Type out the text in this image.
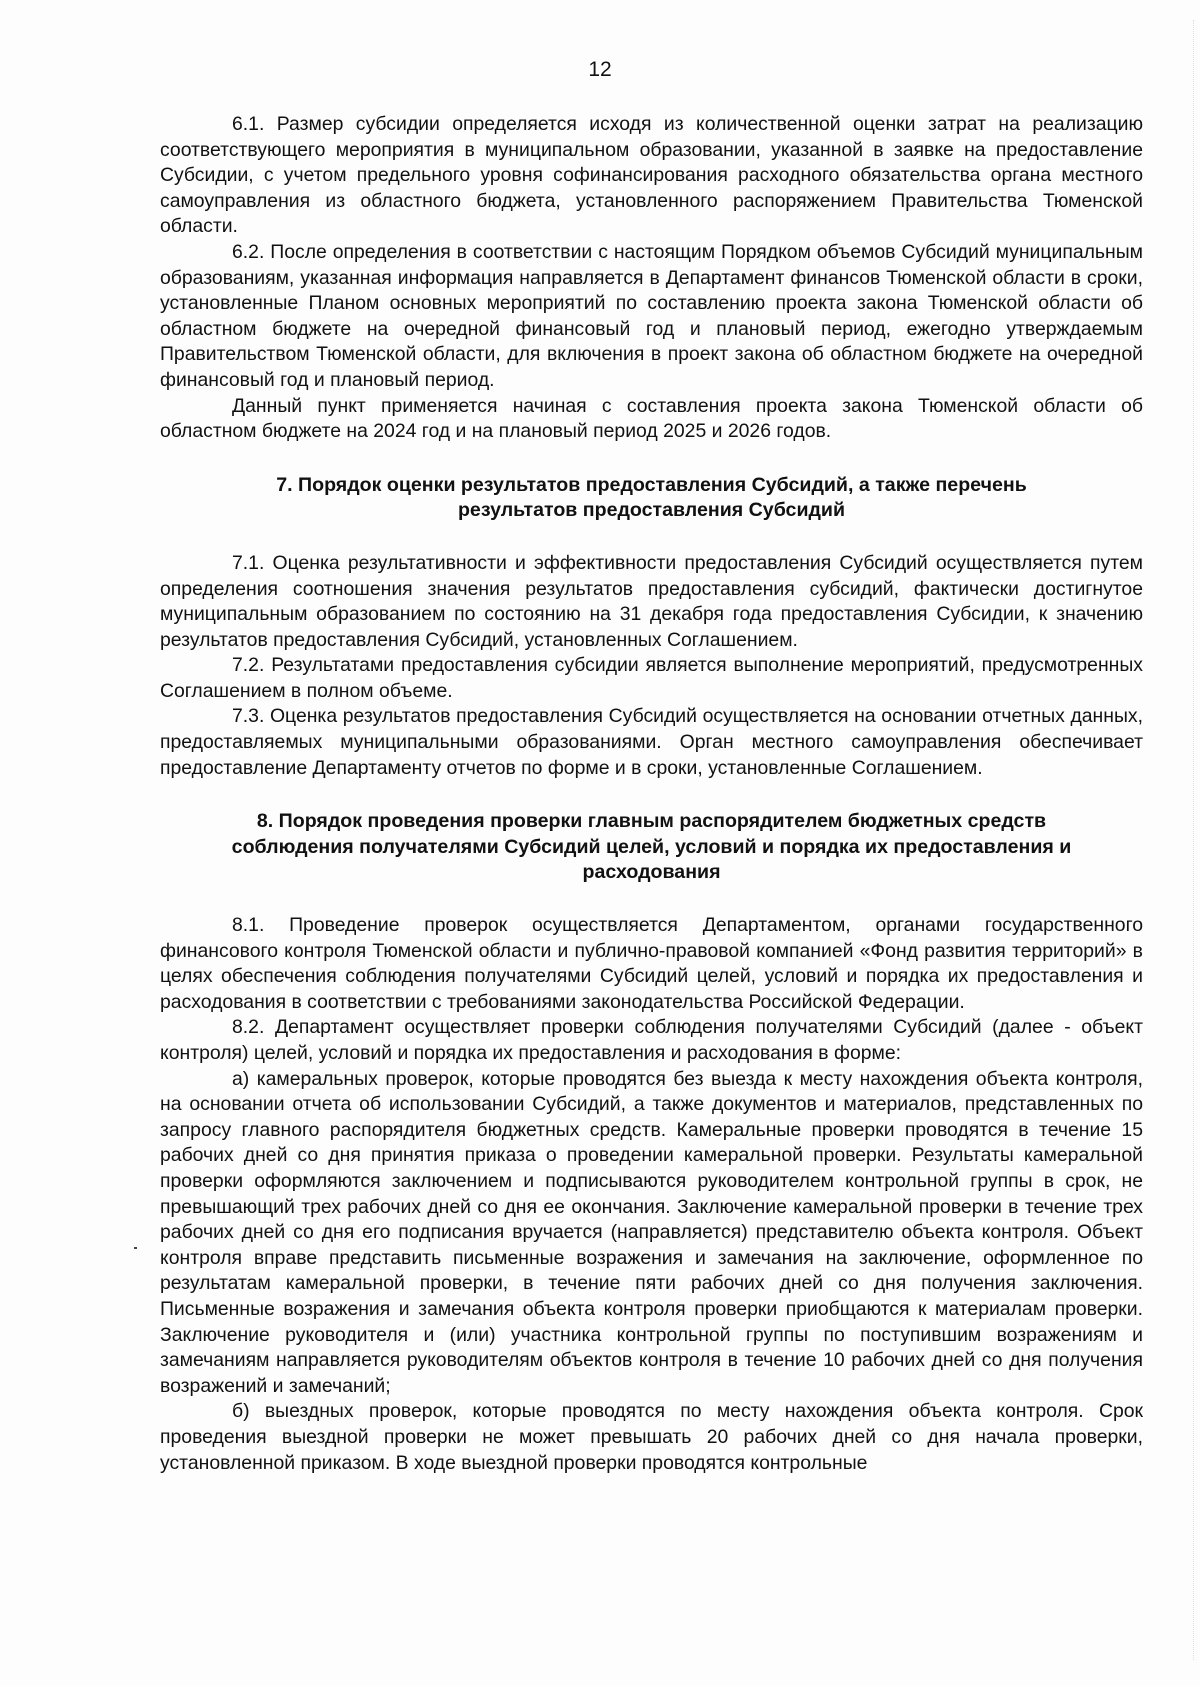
12

6.1. Размер субсидии определяется исходя из количественной оценки затрат на реализацию соответствующего мероприятия в муниципальном образовании, указанной в заявке на предоставление Субсидии, с учетом предельного уровня софинансирования расходного обязательства органа местного самоуправления из областного бюджета, установленного распоряжением Правительства Тюменской области.

6.2. После определения в соответствии с настоящим Порядком объемов Субсидий муниципальным образованиям, указанная информация направляется в Департамент финансов Тюменской области в сроки, установленные Планом основных мероприятий по составлению проекта закона Тюменской области об областном бюджете на очередной финансовый год и плановый период, ежегодно утверждаемым Правительством Тюменской области, для включения в проект закона об областном бюджете на очередной финансовый год и плановый период.

Данный пункт применяется начиная с составления проекта закона Тюменской области об областном бюджете на 2024 год и на плановый период 2025 и 2026 годов.

7. Порядок оценки результатов предоставления Субсидий, а также перечень
результатов предоставления Субсидий

7.1. Оценка результативности и эффективности предоставления Субсидий осуществляется путем определения соотношения значения результатов предоставления субсидий, фактически достигнутое муниципальным образованием по состоянию на 31 декабря года предоставления Субсидии, к значению результатов предоставления Субсидий, установленных Соглашением.

7.2. Результатами предоставления субсидии является выполнение мероприятий, предусмотренных Соглашением в полном объеме.

7.3. Оценка результатов предоставления Субсидий осуществляется на основании отчетных данных, предоставляемых муниципальными образованиями. Орган местного самоуправления обеспечивает предоставление Департаменту отчетов по форме и в сроки, установленные Соглашением.

8. Порядок проведения проверки главным распорядителем бюджетных средств
соблюдения получателями Субсидий целей, условий и порядка их предоставления и
расходования

8.1. Проведение проверок осуществляется Департаментом, органами государственного финансового контроля Тюменской области и публично-правовой компанией «Фонд развития территорий» в целях обеспечения соблюдения получателями Субсидий целей, условий и порядка их предоставления и расходования в соответствии с требованиями законодательства Российской Федерации.

8.2. Департамент осуществляет проверки соблюдения получателями Субсидий (далее - объект контроля) целей, условий и порядка их предоставления и расходования в форме:

а) камеральных проверок, которые проводятся без выезда к месту нахождения объекта контроля, на основании отчета об использовании Субсидий, а также документов и материалов, представленных по запросу главного распорядителя бюджетных средств. Камеральные проверки проводятся в течение 15 рабочих дней со дня принятия приказа о проведении камеральной проверки. Результаты камеральной проверки оформляются заключением и подписываются руководителем контрольной группы в срок, не превышающий трех рабочих дней со дня ее окончания. Заключение камеральной проверки в течение трех рабочих дней со дня его подписания вручается (направляется) представителю объекта контроля. Объект контроля вправе представить письменные возражения и замечания на заключение, оформленное по результатам камеральной проверки, в течение пяти рабочих дней со дня получения заключения. Письменные возражения и замечания объекта контроля проверки приобщаются к материалам проверки. Заключение руководителя и (или) участника контрольной группы по поступившим возражениям и замечаниям направляется руководителям объектов контроля в течение 10 рабочих дней со дня получения возражений и замечаний;

б) выездных проверок, которые проводятся по месту нахождения объекта контроля. Срок проведения выездной проверки не может превышать 20 рабочих дней со дня начала проверки, установленной приказом. В ходе выездной проверки проводятся контрольные
